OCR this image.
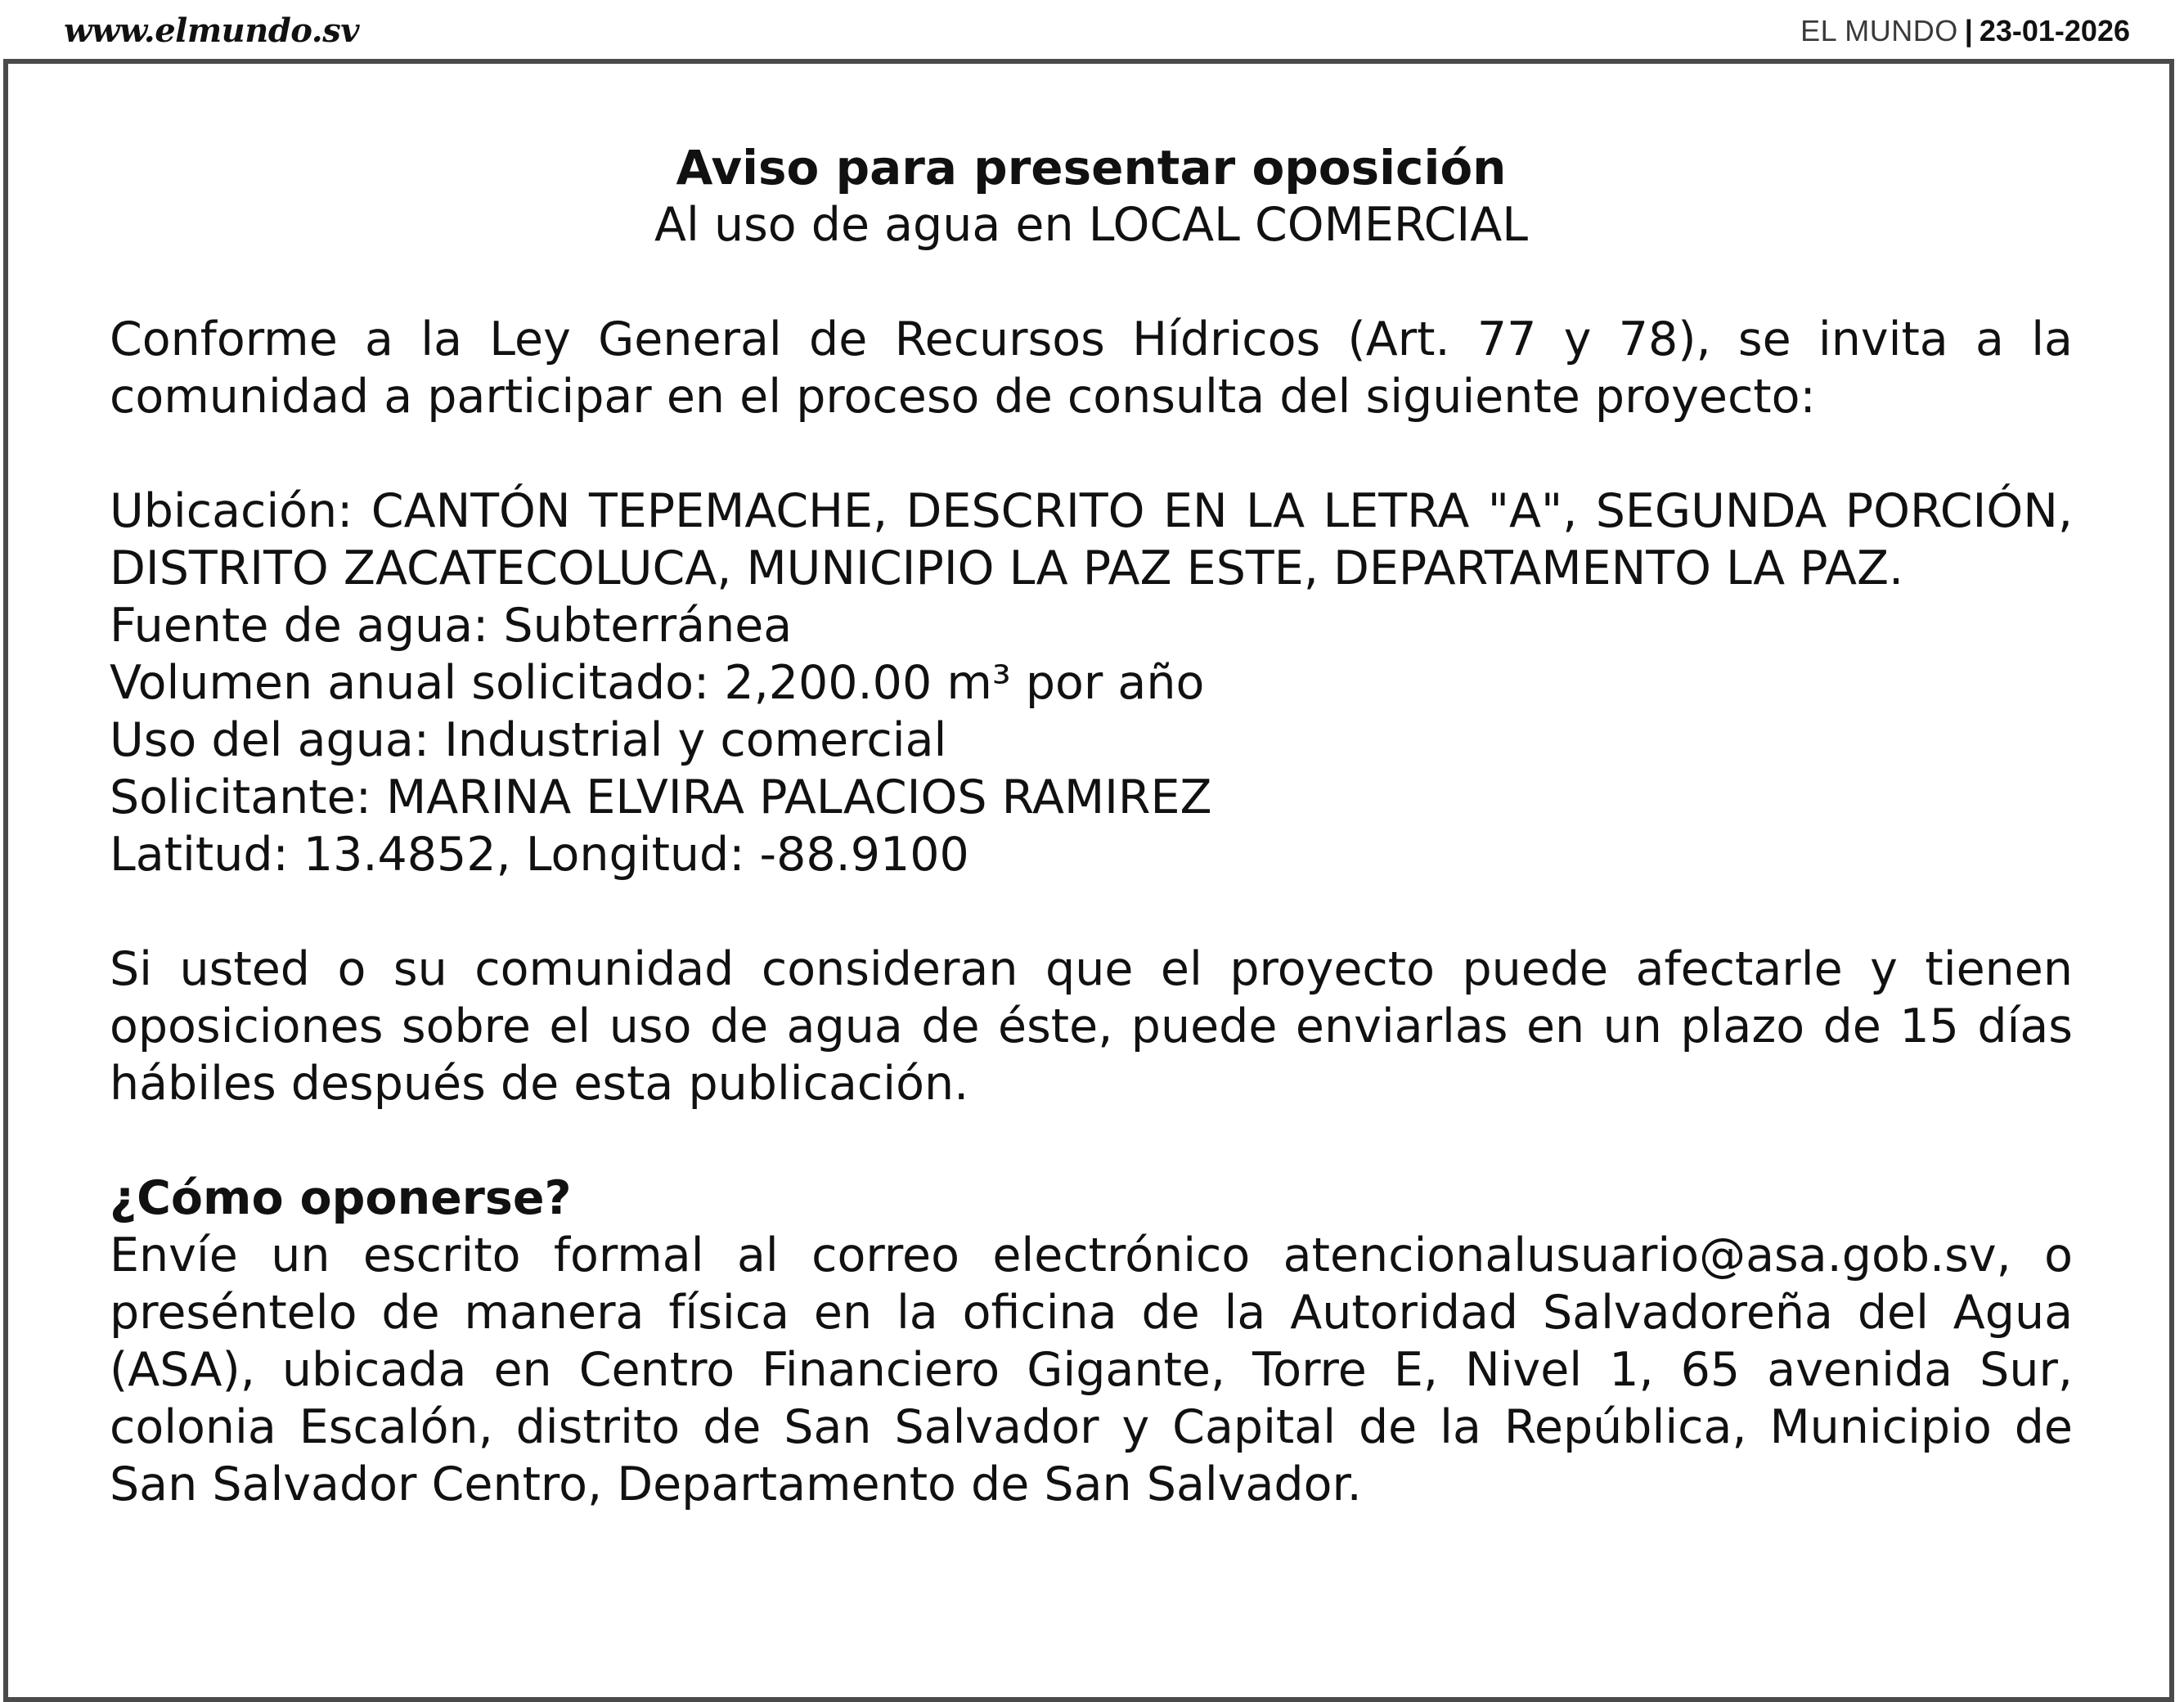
www.elmundo.sv	EL MUNDO | 23-01-2026

Aviso para presentar oposición

Al uso de agua en LOCAL COMERCIAL

Conforme a la Ley General de Recursos Hídricos (Art. 77 y 78), se invita a la comunidad a participar en el proceso de consulta del siguiente proyecto:

Ubicación: CANTÓN TEPEMACHE, DESCRITO EN LA LETRA "A", SEGUNDA PORCIÓN, DISTRITO ZACATECOLUCA, MUNICIPIO LA PAZ ESTE, DEPARTAMENTO LA PAZ.

Fuente de agua: Subterránea

Volumen anual solicitado: 2,200.00 m³ por año

Uso del agua: Industrial y comercial

Solicitante: MARINA ELVIRA PALACIOS RAMIREZ

Latitud: 13.4852, Longitud: -88.9100

Si usted o su comunidad consideran que el proyecto puede afectarle y tienen oposiciones sobre el uso de agua de éste, puede enviarlas en un plazo de 15 días hábiles después de esta publicación.

¿Cómo oponerse?

Envíe un escrito formal al correo electrónico atencionalusuario@asa.gob.sv, o preséntelo de manera física en la oficina de la Autoridad Salvadoreña del Agua (ASA), ubicada en Centro Financiero Gigante, Torre E, Nivel 1, 65 avenida Sur, colonia Escalón, distrito de San Salvador y Capital de la República, Municipio de San Salvador Centro, Departamento de San Salvador.
